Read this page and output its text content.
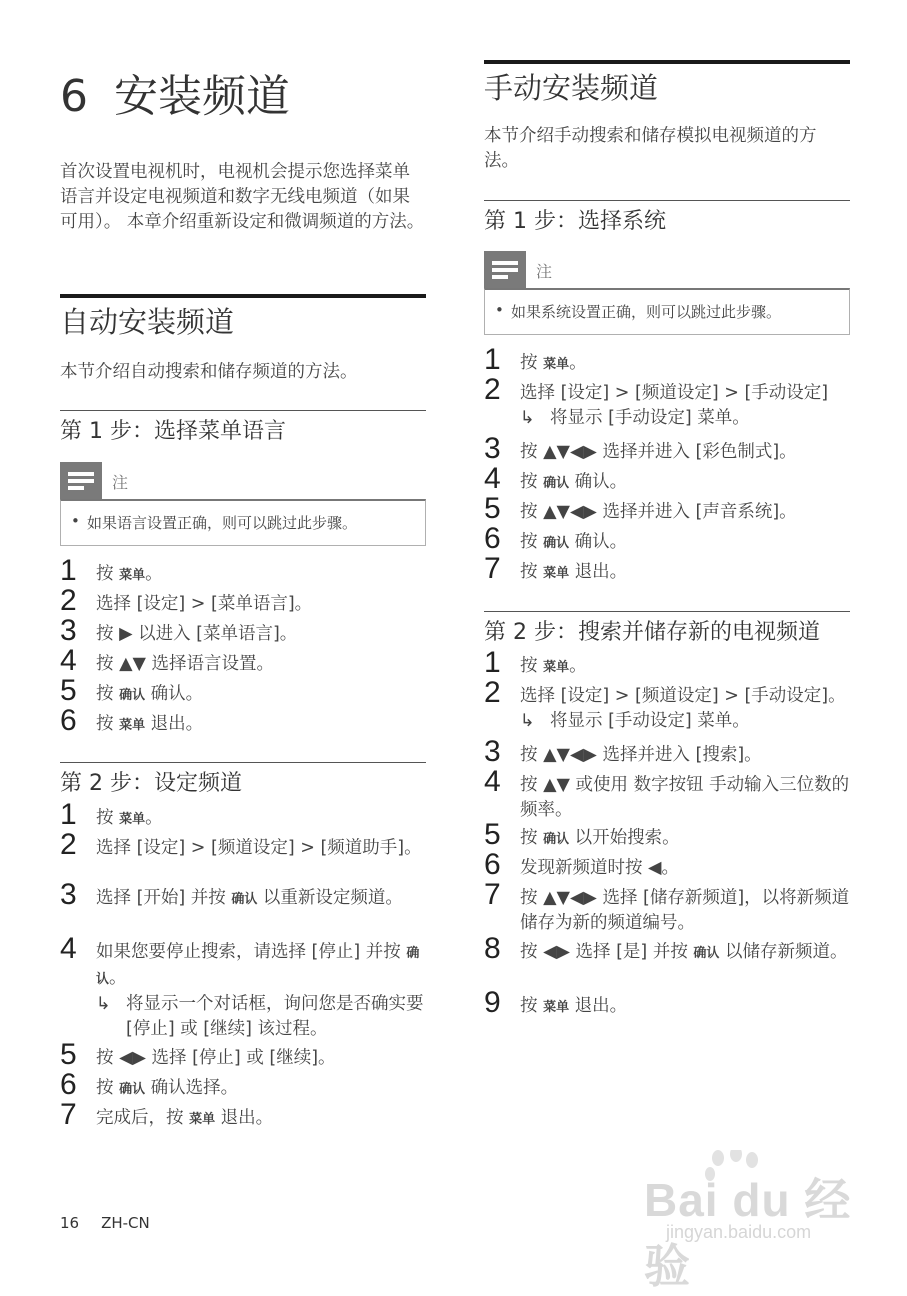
6 安装频道

首次设置电视机时，电视机会提示您选择菜单语言并设定电视频道和数字无线电频道（如果可用）。 本章介绍重新设定和微调频道的方法。

自动安装频道

本节介绍自动搜索和储存频道的方法。

第 1 步：选择菜单语言
注
• 如果语言设置正确，则可以跳过此步骤。
1 按 菜单。
2 选择 [设定] > [菜单语言]。
3 按 ▶ 以进入 [菜单语言]。
4 按 ▲▼ 选择语言设置。
5 按 确认 确认。
6 按 菜单 退出。
第 2 步：设定频道
1 按 菜单。
2 选择 [设定] > [频道设定] > [频道助手]。
3 选择 [开始] 并按 确认 以重新设定频道。
4 如果您要停止搜索，请选择 [停止] 并按 确认。
↳ 将显示一个对话框，询问您是否确实要 [停止] 或 [继续] 该过程。
5 按 ◀▶ 选择 [停止] 或 [继续]。
6 按 确认 确认选择。
7 完成后，按 菜单 退出。
手动安装频道

本节介绍手动搜索和储存模拟电视频道的方法。

第 1 步：选择系统
注
• 如果系统设置正确，则可以跳过此步骤。
1 按 菜单。
2 选择 [设定] > [频道设定] > [手动设定]
↳ 将显示 [手动设定] 菜单。
3 按 ▲▼◀▶ 选择并进入 [彩色制式]。
4 按 确认 确认。
5 按 ▲▼◀▶ 选择并进入 [声音系统]。
6 按 确认 确认。
7 按 菜单 退出。
第 2 步：搜索并储存新的电视频道
1 按 菜单。
2 选择 [设定] > [频道设定] > [手动设定]。
↳ 将显示 [手动设定] 菜单。
3 按 ▲▼◀▶ 选择并进入 [搜索]。
4 按 ▲▼ 或使用 数字按钮 手动输入三位数的频率。
5 按 确认 以开始搜索。
6 发现新频道时按 ◀。
7 按 ▲▼◀▶ 选择 [储存新频道]，以将新频道储存为新的频道编号。
8 按 ◀▶ 选择 [是] 并按 确认 以储存新频道。
9 按 菜单 退出。
16 ZH-CN	Bai du 经验
jingyan.baidu.com
